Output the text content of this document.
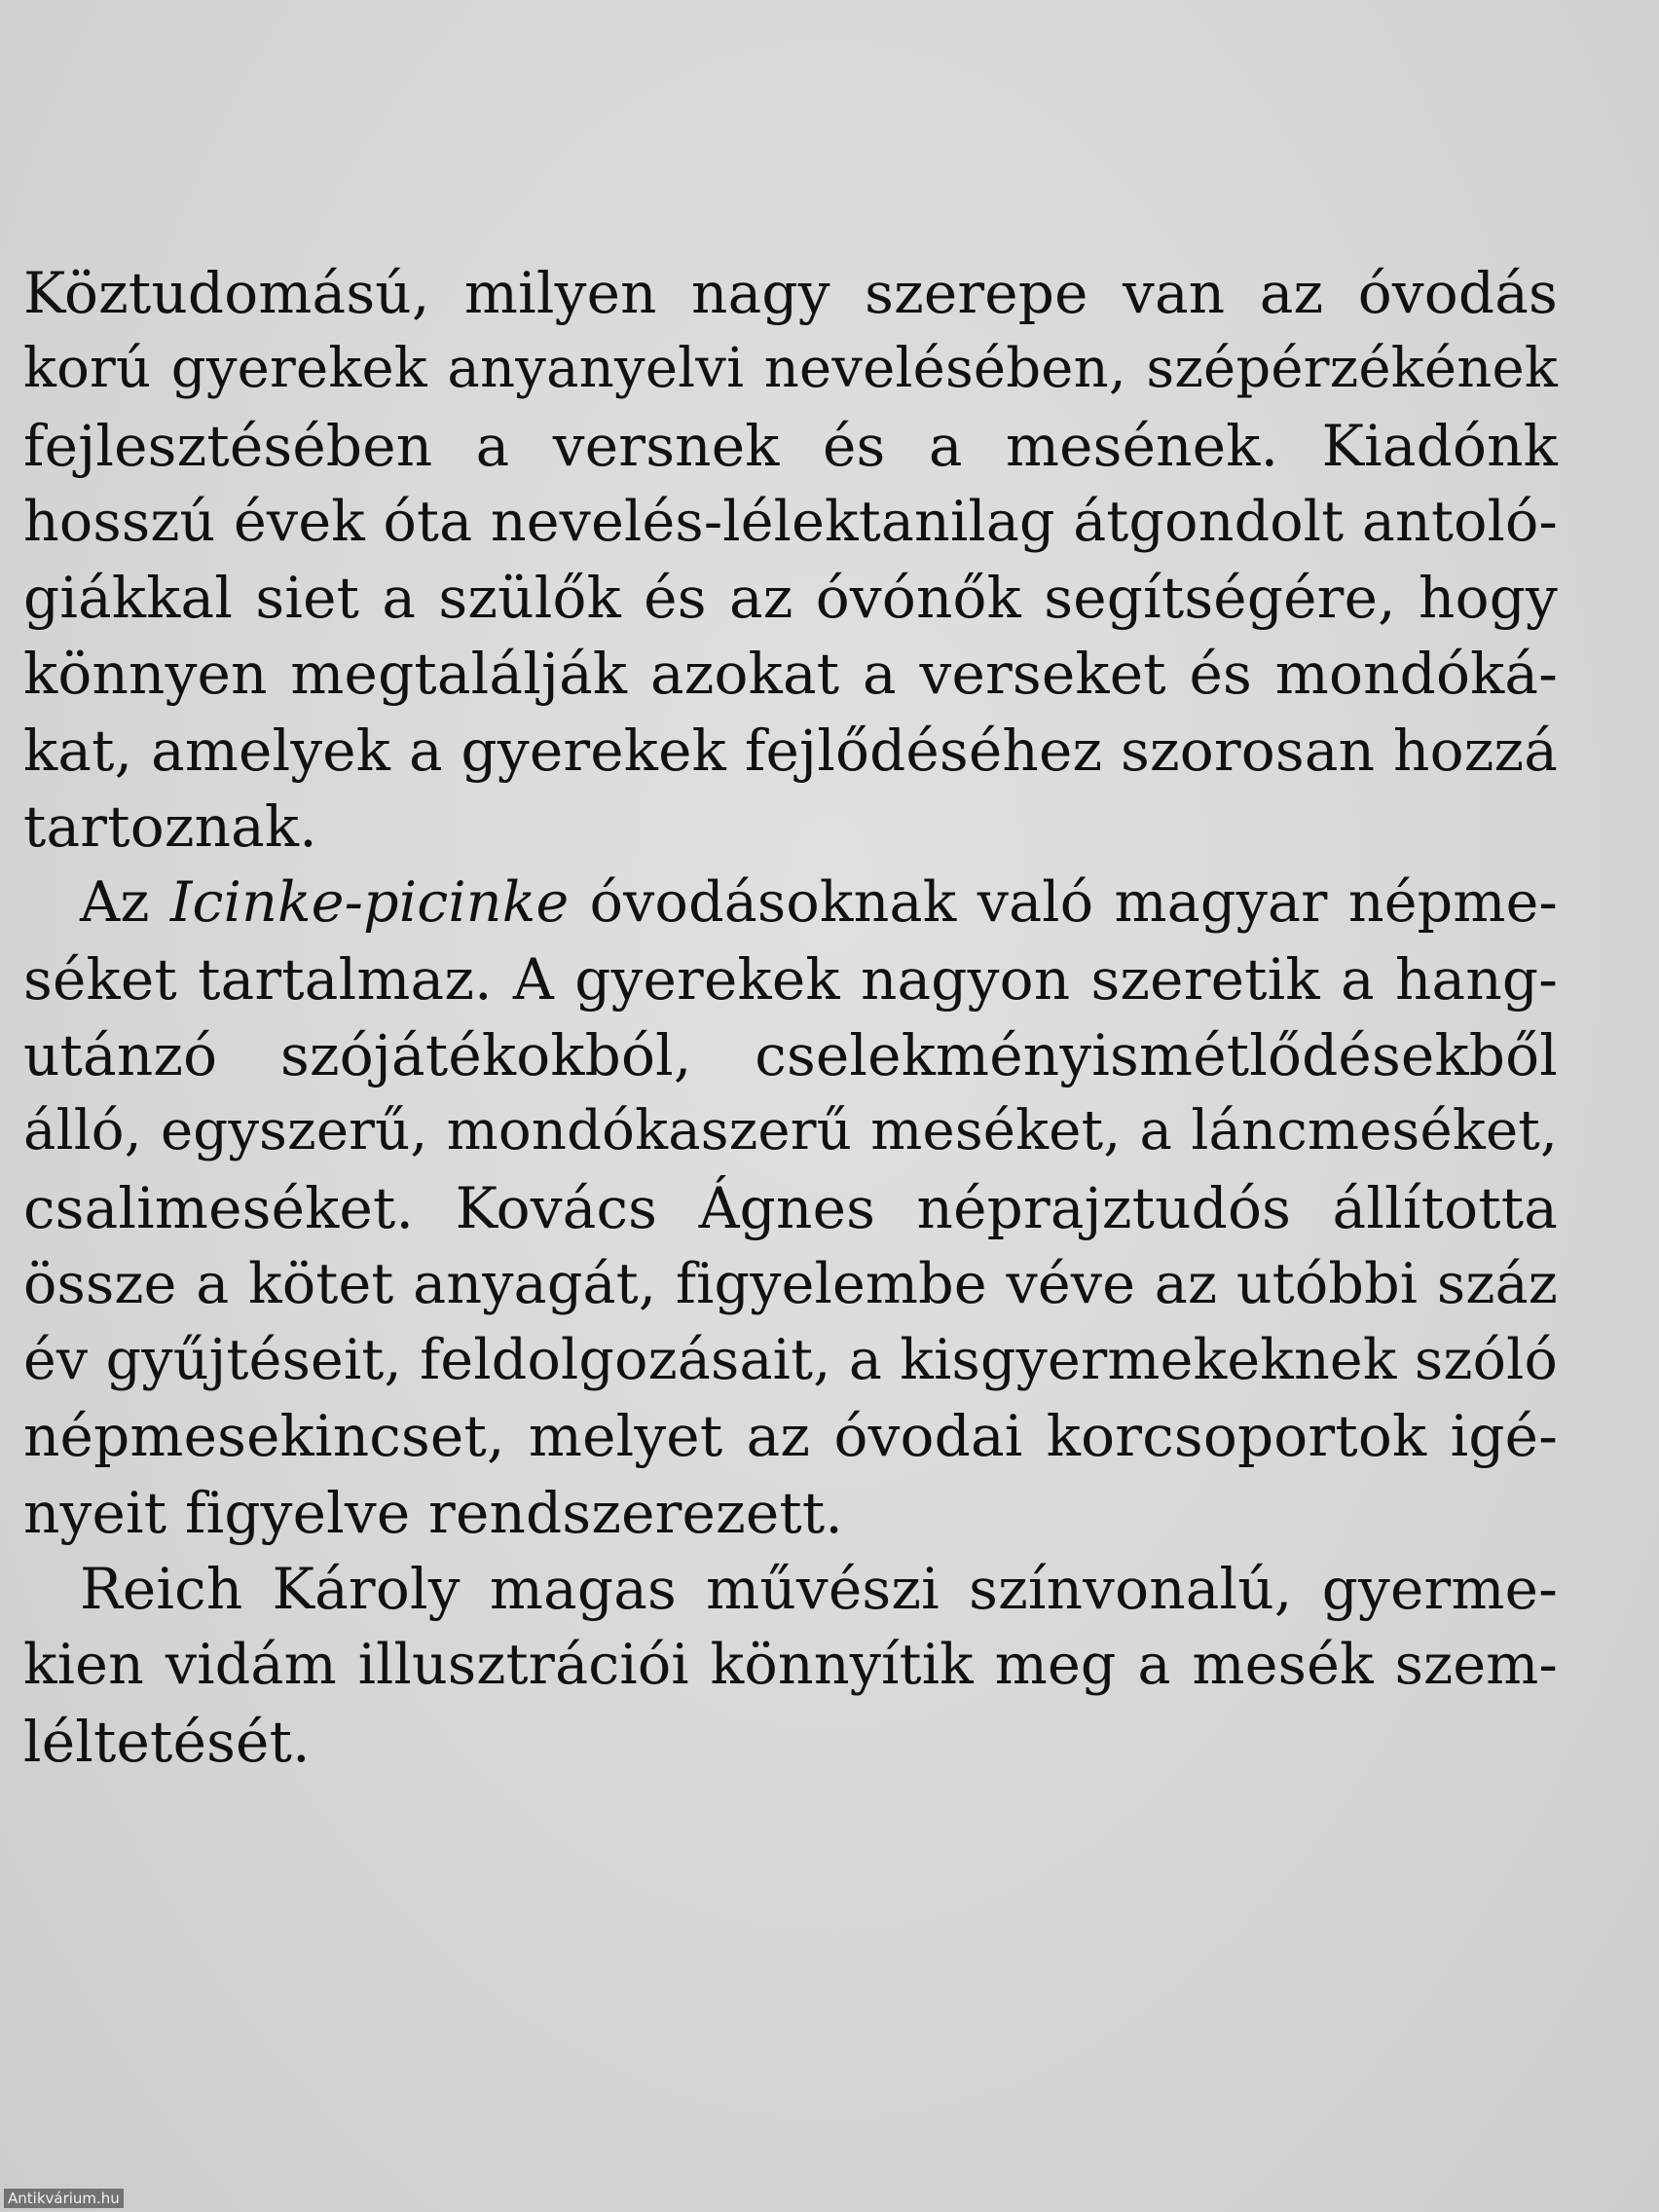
Köztudomású, milyen nagy szerepe van az óvodás
korú gyerekek anyanyelvi nevelésében, szépérzékének
fejlesztésében a versnek és a mesének. Kiadónk
hosszú évek óta nevelés-lélektanilag átgondolt antoló-
giákkal siet a szülők és az óvónők segítségére, hogy
könnyen megtalálják azokat a verseket és mondóká-
kat, amelyek a gyerekek fejlődéséhez szorosan hozzá
tartoznak.
Az Icinke-picinke óvodásoknak való magyar népme-
séket tartalmaz. A gyerekek nagyon szeretik a hang-
utánzó szójátékokból, cselekményismétlődésekből
álló, egyszerű, mondókaszerű meséket, a láncmeséket,
csalimeséket. Kovács Ágnes néprajztudós állította
össze a kötet anyagát, figyelembe véve az utóbbi száz
év gyűjtéseit, feldolgozásait, a kisgyermekeknek szóló
népmesekincset, melyet az óvodai korcsoportok igé-
nyeit figyelve rendszerezett.
Reich Károly magas művészi színvonalú, gyerme-
kien vidám illusztrációi könnyítik meg a mesék szem-
léltetését.
Antikvárium.hu
